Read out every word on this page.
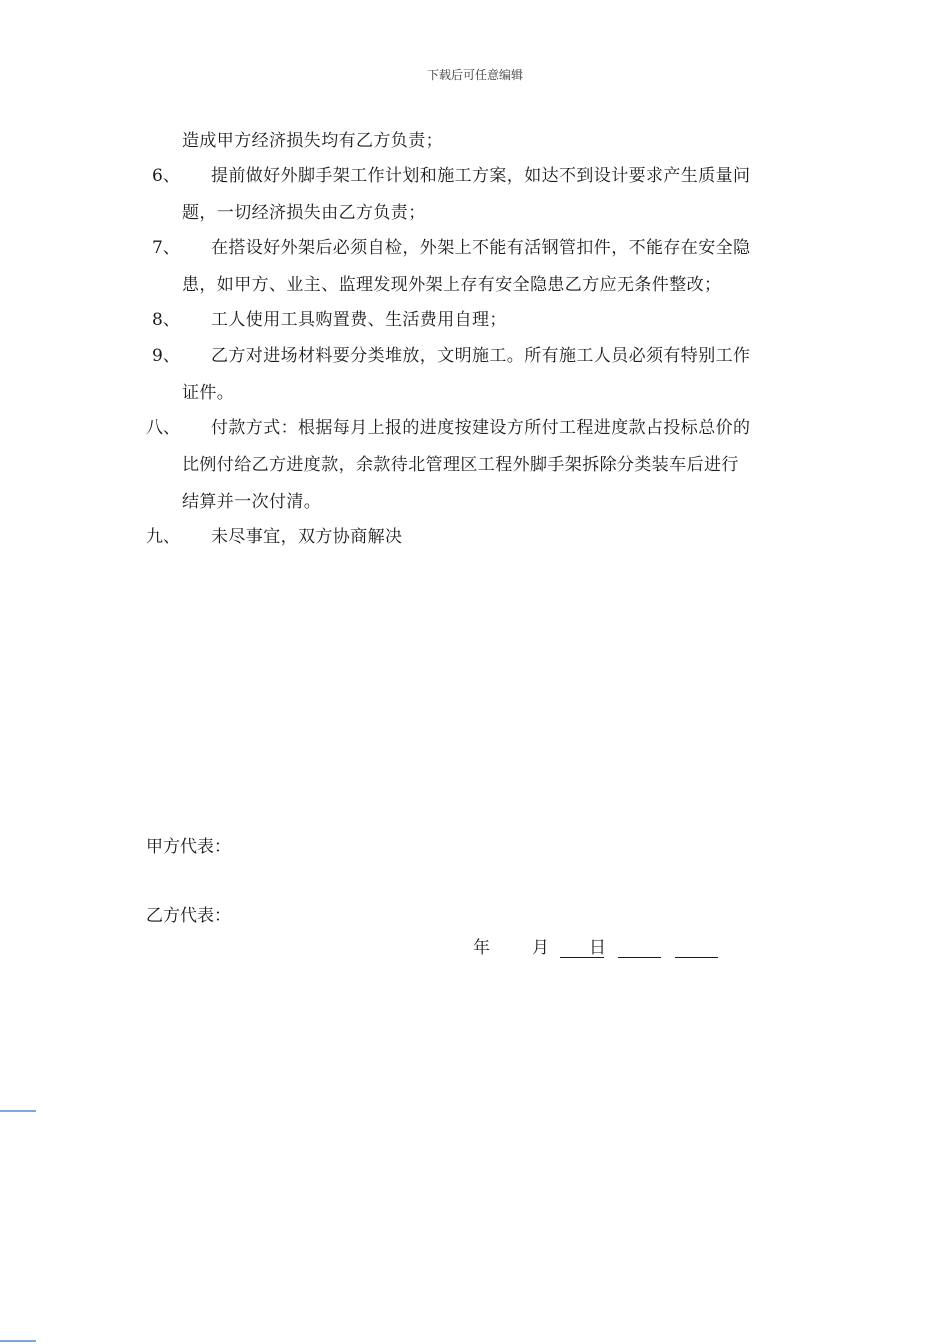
下载后可任意编辑
造成甲方经济损失均有乙方负责；
6、 提前做好外脚手架工作计划和施工方案，如达不到设计要求产生质量问
题，一切经济损失由乙方负责；
7、 在搭设好外架后必须自检，外架上不能有活钢管扣件，不能存在安全隐
患，如甲方、业主、监理发现外架上存有安全隐患乙方应无条件整改；
8、 工人使用工具购置费、生活费用自理；
9、 乙方对进场材料要分类堆放，文明施工。所有施工人员必须有特别工作
证件。
八、 付款方式：根据每月上报的进度按建设方所付工程进度款占投标总价的
比例付给乙方进度款，余款待北管理区工程外脚手架拆除分类装车后进行
结算并一次付清。
九、 未尽事宜，双方协商解决
甲方代表：
乙方代表：
年 月 日
